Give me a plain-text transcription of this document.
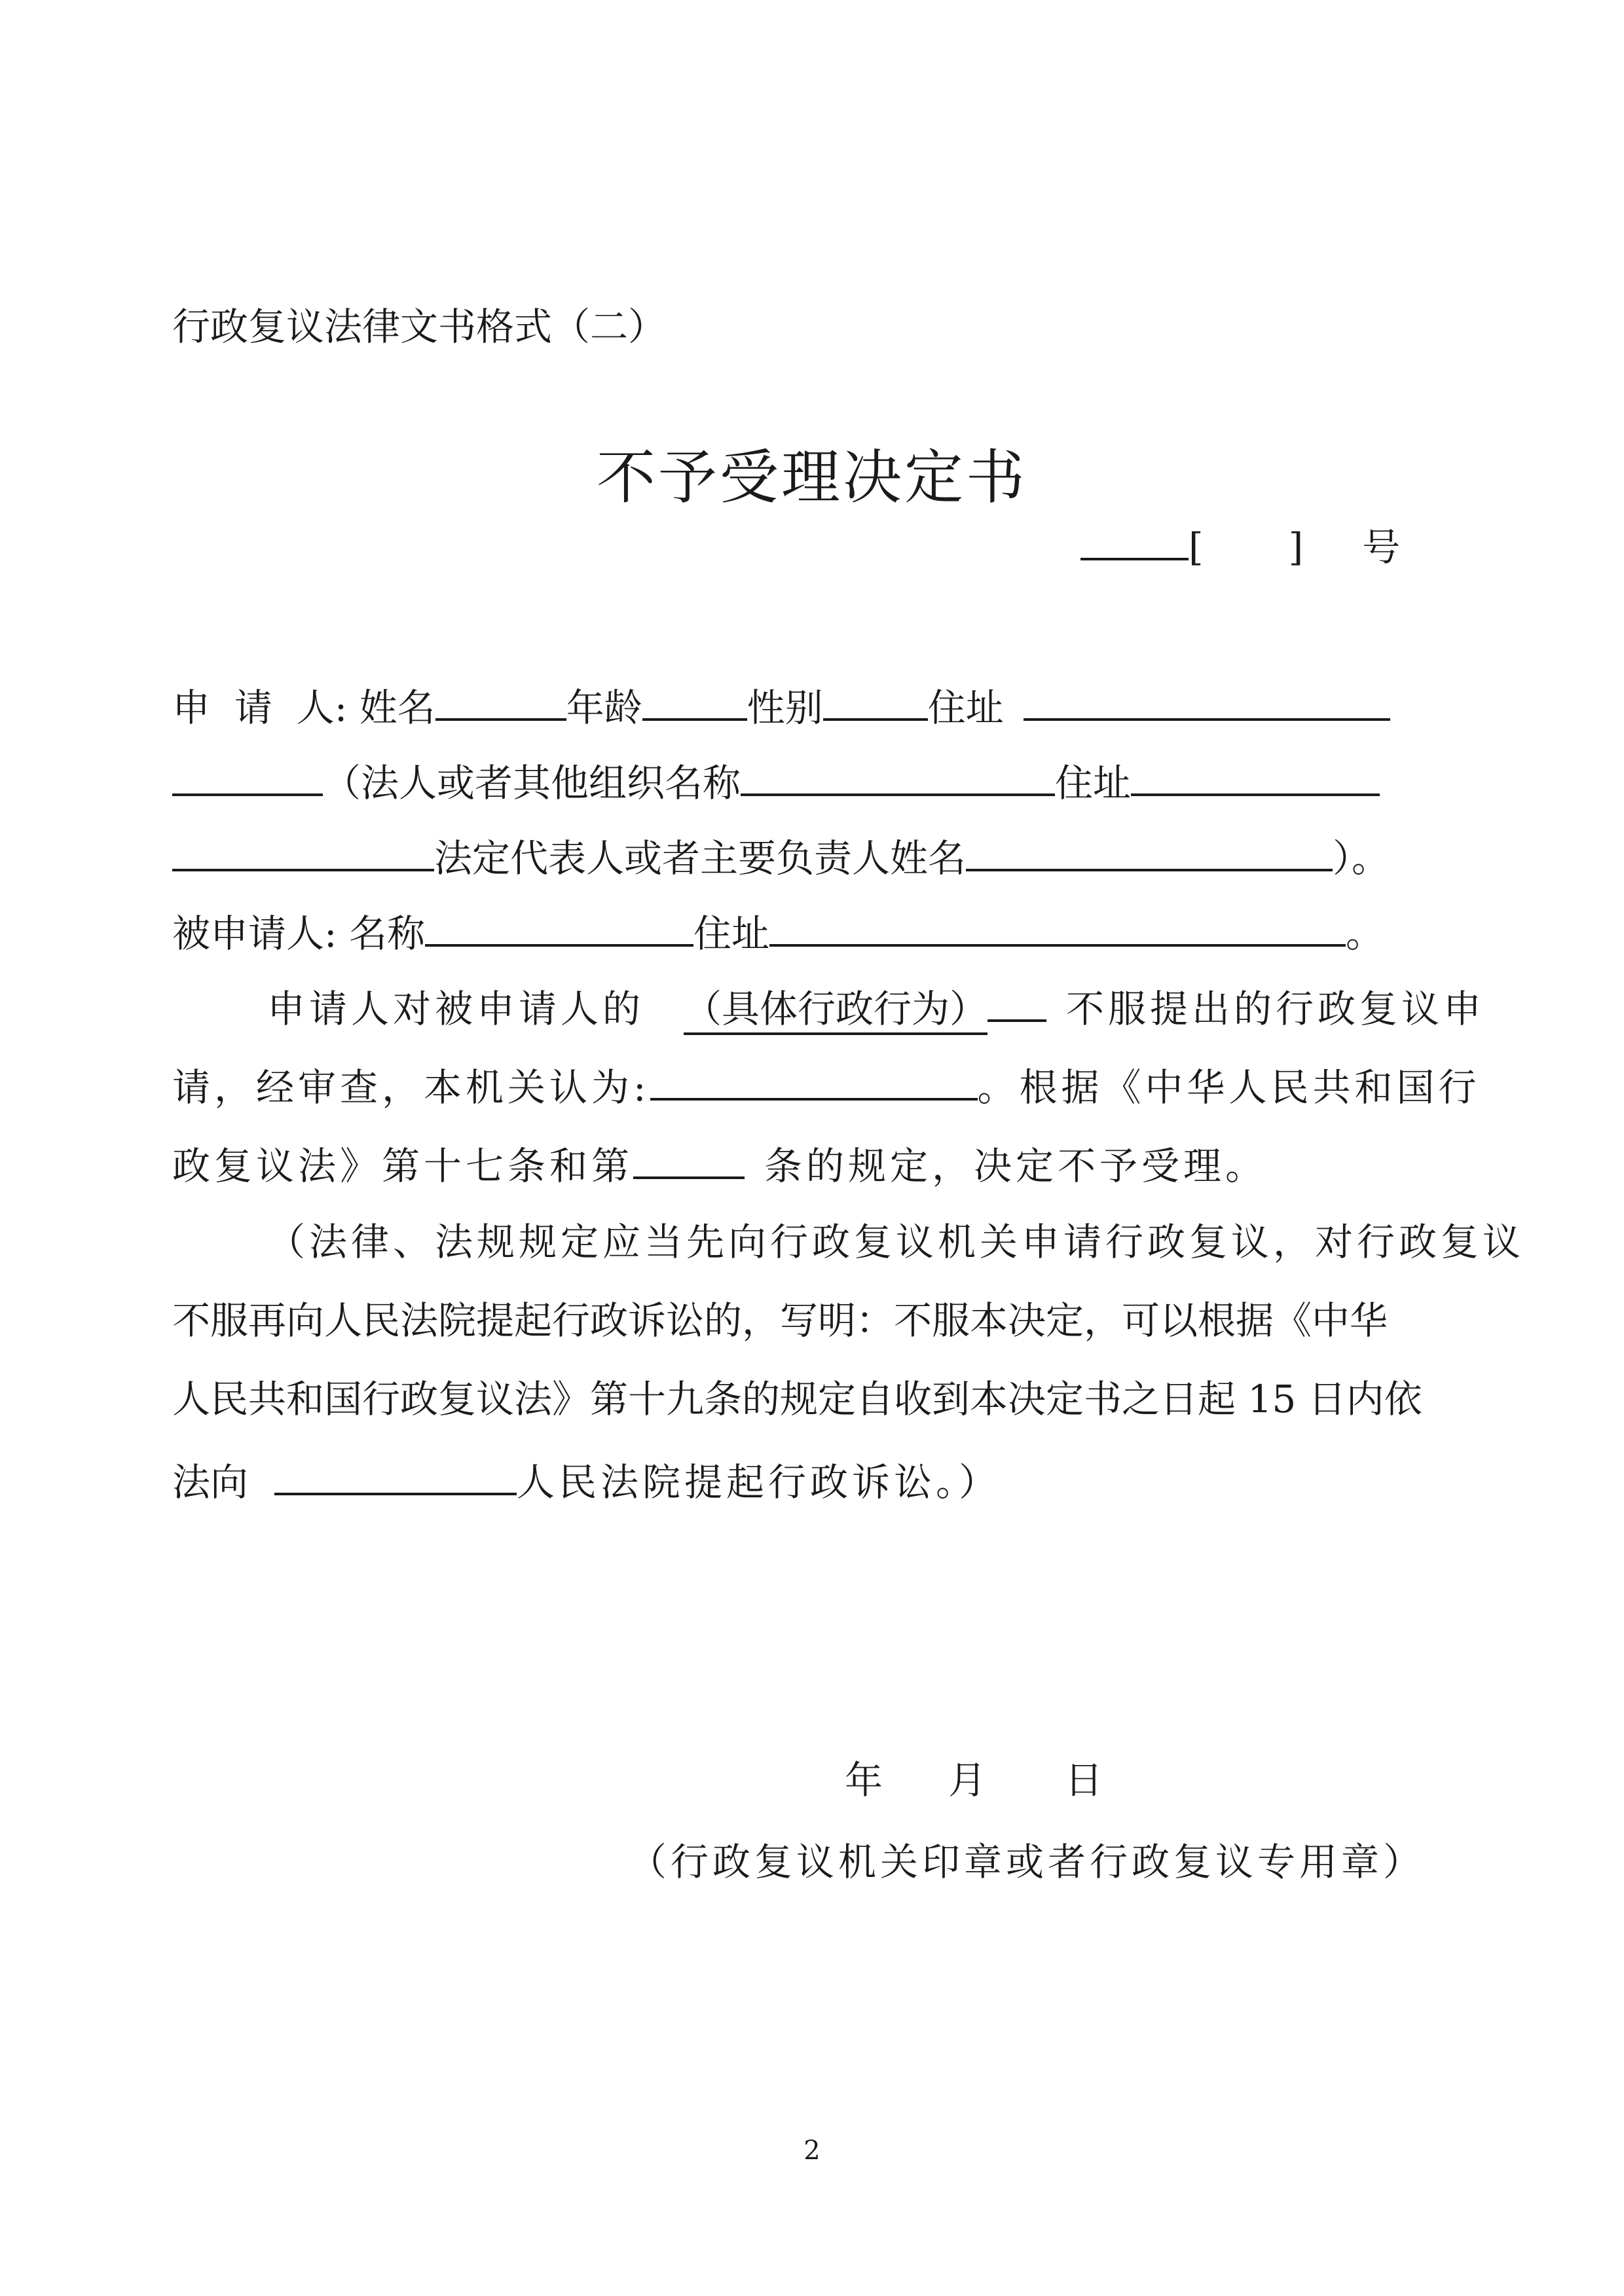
行政复议法律文书格式（二）
不予受理决定书
[ ] 号
申  请  人: 姓名	年龄	性别	住址
（法人或者其他组织名称	住址
法定代表人或者主要负责人姓名	）。
被申请人: 名称	住址	。
申请人对被申请人的 （具体行政行为） 不服提出的行政复议申
请，经审查，本机关认为:	。根据《中华人民共和国行
政复议法》第十七条和第	条的规定，决定不予受理。
（法律、法规规定应当先向行政复议机关申请行政复议，对行政复议
不服再向人民法院提起行政诉讼的，写明：不服本决定，可以根据《中华
人民共和国行政复议法》第十九条的规定自收到本决定书之日起 15 日内依
法向	人民法院提起行政诉讼。）
年 月 日
（行政复议机关印章或者行政复议专用章）
2
